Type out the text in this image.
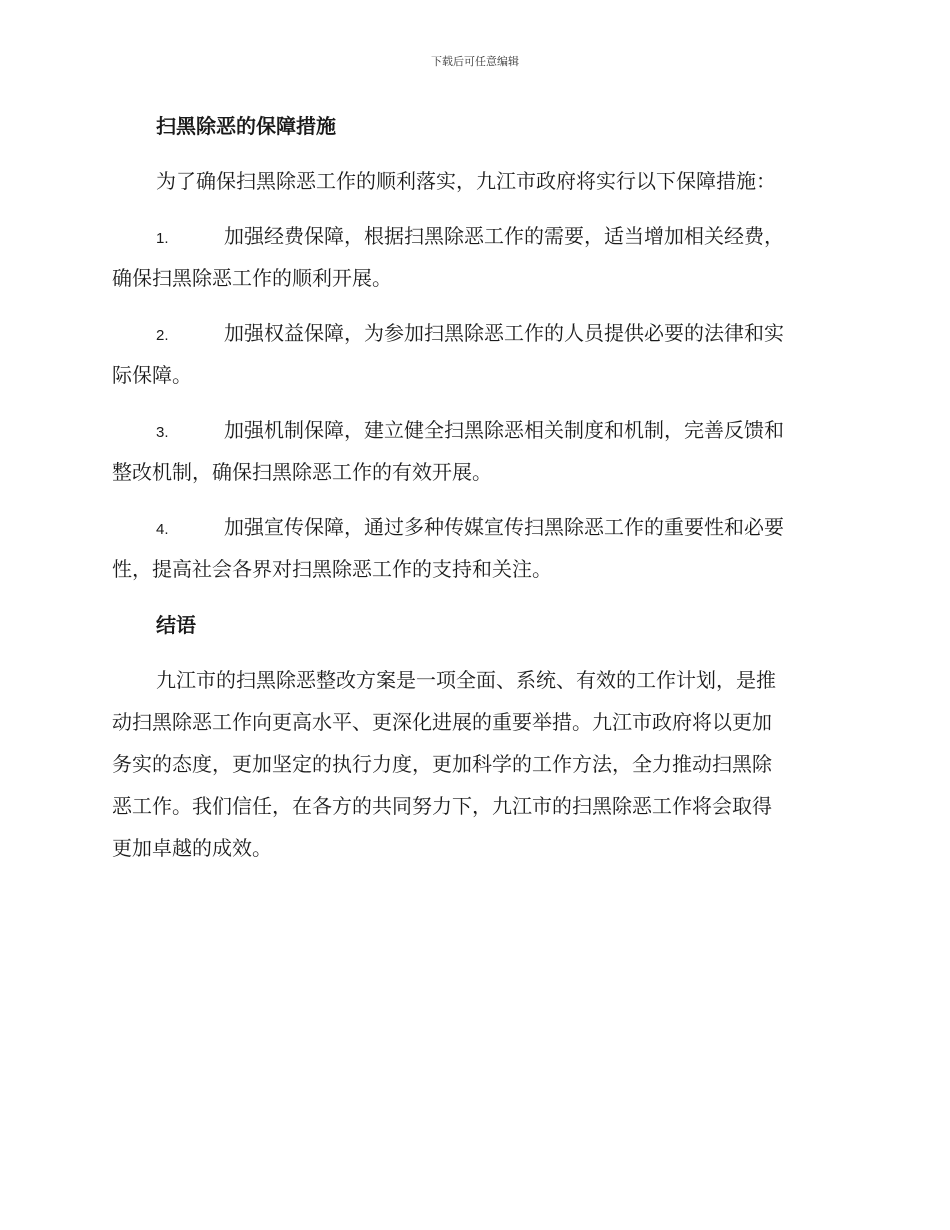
下载后可任意编辑
扫黑除恶的保障措施
为了确保扫黑除恶工作的顺利落实，九江市政府将实行以下保障措施：
1.	加强经费保障，根据扫黑除恶工作的需要，适当增加相关经费，
确保扫黑除恶工作的顺利开展。
2.	加强权益保障，为参加扫黑除恶工作的人员提供必要的法律和实
际保障。
3.	加强机制保障，建立健全扫黑除恶相关制度和机制，完善反馈和
整改机制，确保扫黑除恶工作的有效开展。
4.	加强宣传保障，通过多种传媒宣传扫黑除恶工作的重要性和必要
性，提高社会各界对扫黑除恶工作的支持和关注。
结语
九江市的扫黑除恶整改方案是一项全面、系统、有效的工作计划，是推
动扫黑除恶工作向更高水平、更深化进展的重要举措。九江市政府将以更加
务实的态度，更加坚定的执行力度，更加科学的工作方法，全力推动扫黑除
恶工作。我们信任，在各方的共同努力下，九江市的扫黑除恶工作将会取得
更加卓越的成效。
